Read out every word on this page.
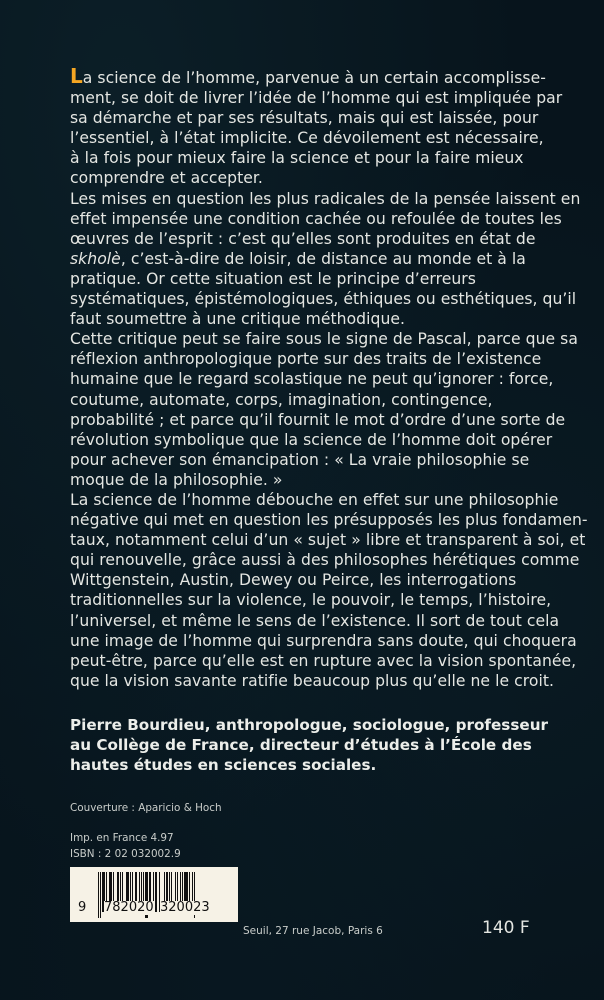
La science de l’homme, parvenue à un certain accomplisse-
ment, se doit de livrer l’idée de l’homme qui est impliquée par
sa démarche et par ses résultats, mais qui est laissée, pour
l’essentiel, à l’état implicite. Ce dévoilement est nécessaire,
à la fois pour mieux faire la science et pour la faire mieux
comprendre et accepter.
Les mises en question les plus radicales de la pensée laissent en
effet impensée une condition cachée ou refoulée de toutes les
œuvres de l’esprit : c’est qu’elles sont produites en état de
skholè, c’est-à-dire de loisir, de distance au monde et à la
pratique. Or cette situation est le principe d’erreurs
systématiques, épistémologiques, éthiques ou esthétiques, qu’il
faut soumettre à une critique méthodique.
Cette critique peut se faire sous le signe de Pascal, parce que sa
réflexion anthropologique porte sur des traits de l’existence
humaine que le regard scolastique ne peut qu’ignorer : force,
coutume, automate, corps, imagination, contingence,
probabilité ; et parce qu’il fournit le mot d’ordre d’une sorte de
révolution symbolique que la science de l’homme doit opérer
pour achever son émancipation : « La vraie philosophie se
moque de la philosophie. »
La science de l’homme débouche en effet sur une philosophie
négative qui met en question les présupposés les plus fondamen-
taux, notamment celui d’un « sujet » libre et transparent à soi, et
qui renouvelle, grâce aussi à des philosophes hérétiques comme
Wittgenstein, Austin, Dewey ou Peirce, les interrogations
traditionnelles sur la violence, le pouvoir, le temps, l’histoire,
l’universel, et même le sens de l’existence. Il sort de tout cela
une image de l’homme qui surprendra sans doute, qui choquera
peut-être, parce qu’elle est en rupture avec la vision spontanée,
que la vision savante ratifie beaucoup plus qu’elle ne le croit.
Pierre Bourdieu, anthropologue, sociologue, professeur
au Collège de France, directeur d’études à l’École des
hautes études en sciences sociales.
Couverture : Aparicio & Hoch
Imp. en France 4.97
ISBN : 2 02 032002.9
9 782020 320023
Seuil, 27 rue Jacob, Paris 6	140 F
